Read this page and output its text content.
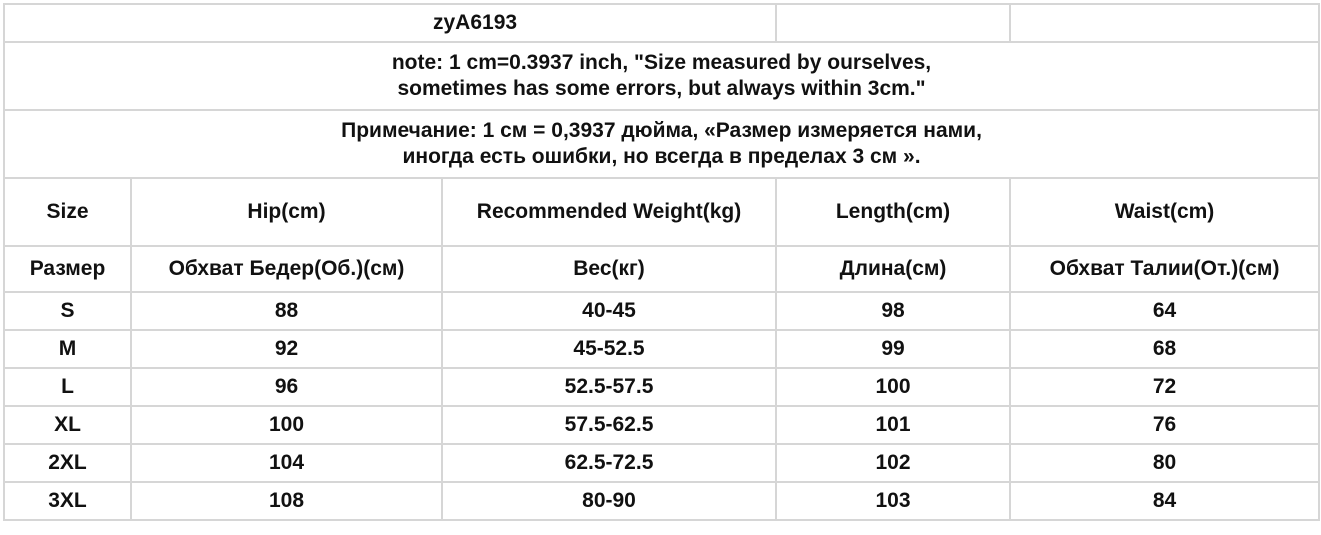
zyA6193				

note: 1 cm=0.3937 inch, "Size measured by ourselves,
sometimes has some errors, but always within 3cm."				

Примечание: 1 см = 0,3937 дюйма, «Размер измеряется нами,
иногда есть ошибки, но всегда в пределах 3 см ».				

Size	Hip(cm)	Recommended Weight(kg)	Length(cm)	Waist(cm)
Размер	Обхват Бедер(Об.)(см)	Вес(кг)	Длина(см)	Обхват Талии(От.)(см)
S	88	40-45	98	64
M	92	45-52.5	99	68
L	96	52.5-57.5	100	72
XL	100	57.5-62.5	101	76
2XL	104	62.5-72.5	102	80
3XL	108	80-90	103	84
